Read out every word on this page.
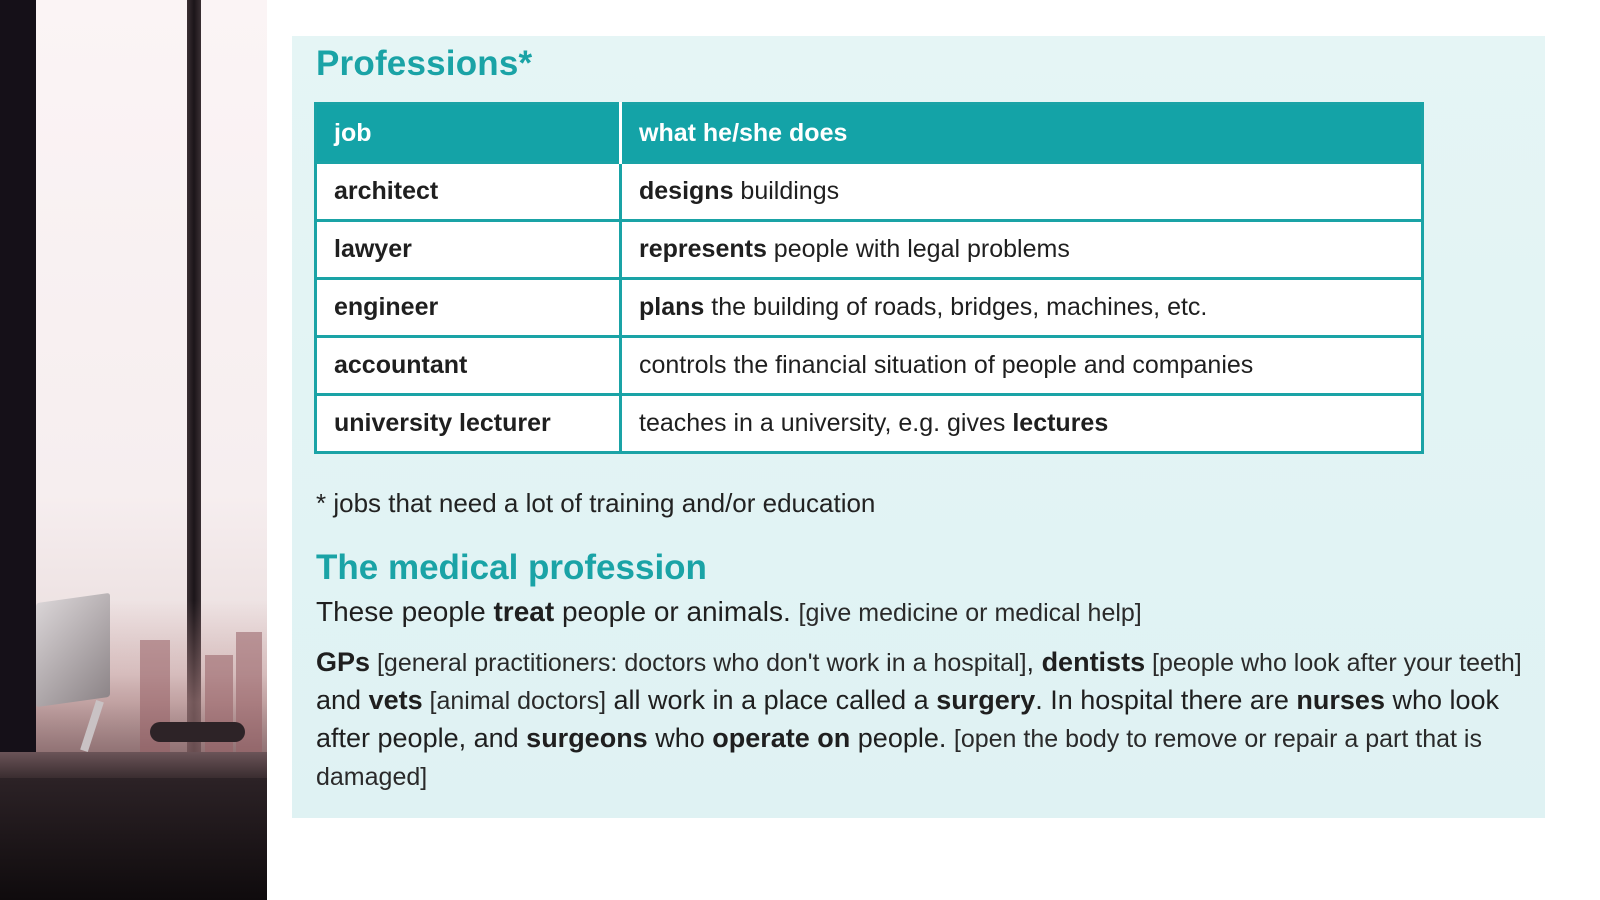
Professions*
job	what he/she does
architect	designs buildings
lawyer	represents people with legal problems
engineer	plans the building of roads, bridges, machines, etc.
accountant	controls the financial situation of people and companies
university lecturer	teaches in a university, e.g. gives lectures

* jobs that need a lot of training and/or education

The medical profession

These people treat people or animals. [give medicine or medical help]

GPs [general practitioners: doctors who don't work in a hospital], dentists [people who look after your teeth] and vets [animal doctors] all work in a place called a surgery. In hospital there are nurses who look after people, and surgeons who operate on people. [open the body to remove or repair a part that is damaged]
